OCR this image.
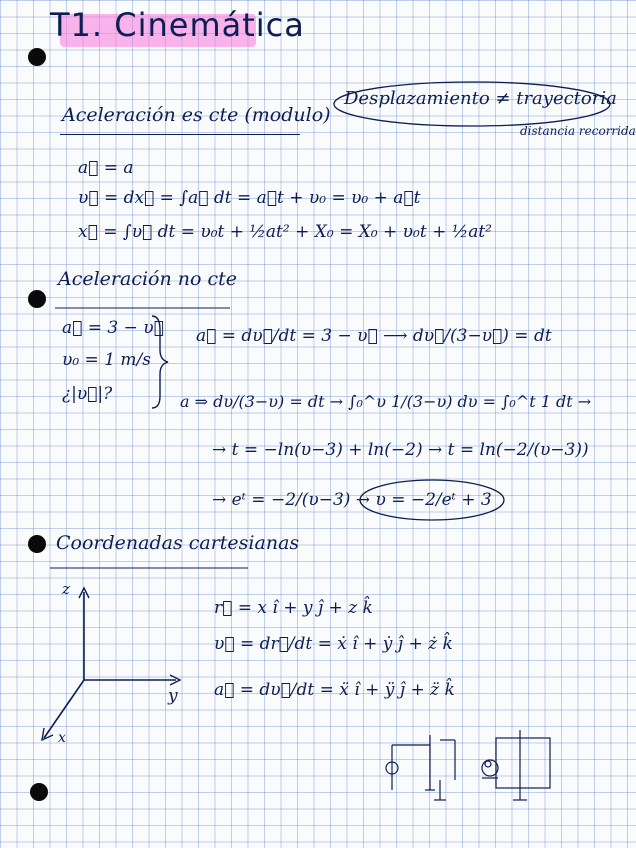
T1. Cinemática
Aceleración es cte (modulo)
Desplazamiento ≠ trayectoria
distancia recorrida
a⃗ = a
υ⃗ = dx⃗ = ∫a⃗ dt = a⃗t + υ₀ = υ₀ + a⃗t
x⃗ = ∫υ⃗ dt = υ₀t + ½at² + X₀ = X₀ + υ₀t + ½at²
Aceleración no cte
a⃗ = 3 − υ⃗
υ₀ = 1 m/s
¿|υ⃗|?
a⃗ = dυ⃗/dt = 3 − υ⃗ ⟶ dυ⃗/(3−υ⃗) = dt
a ⇒ dυ/(3−υ) = dt → ∫₀^υ 1/(3−υ) dυ = ∫₀^t 1 dt →
→ t = −ln(υ−3) + ln(−2) → t = ln(−2/(υ−3))
→ eᵗ = −2/(υ−3) → υ = −2/eᵗ + 3
Coordenadas cartesianas
z
y
x
r⃗ = x î + y ĵ + z k̂
υ⃗ = dr⃗/dt = ẋ î + ẏ ĵ + ż k̂
a⃗ = dυ⃗/dt = ẍ î + ÿ ĵ + z̈ k̂
